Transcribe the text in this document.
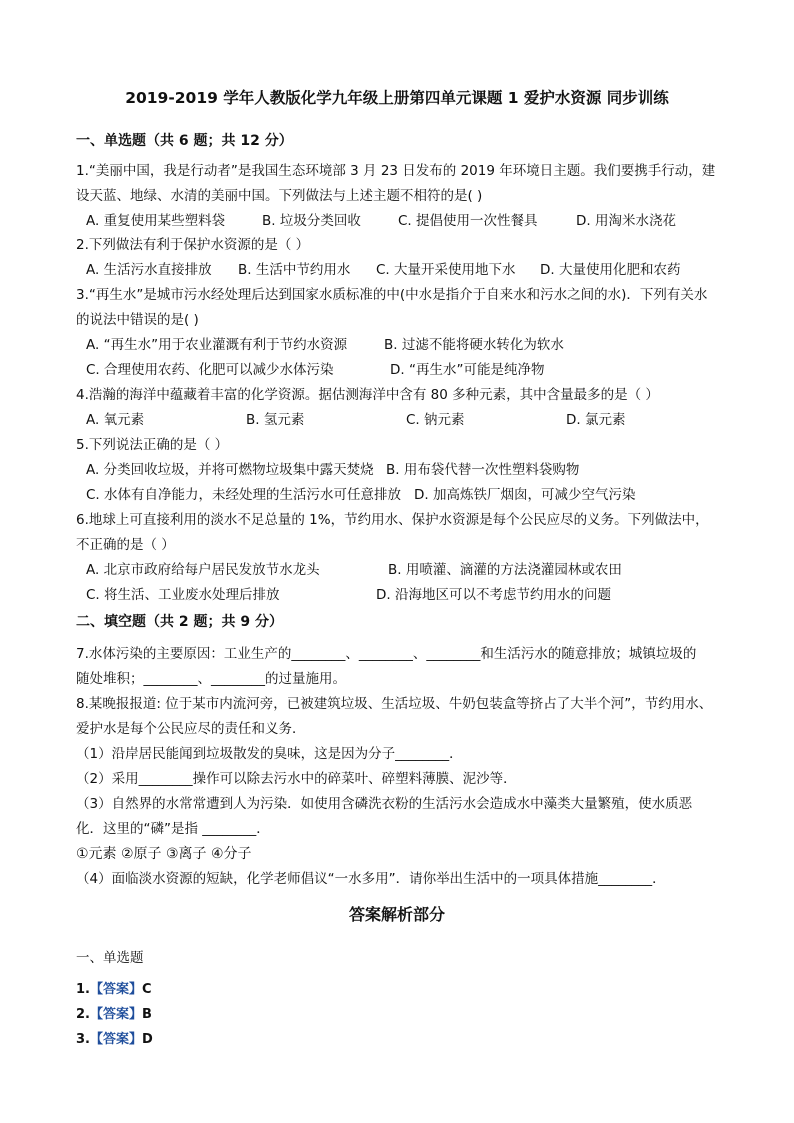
2019-2019 学年人教版化学九年级上册第四单元课题 1 爱护水资源 同步训练
一、单选题（共 6 题；共 12 分）
1.“美丽中国，我是行动者”是我国生态环境部 3 月 23 日发布的 2019 年环境日主题。我们要携手行动，建
设天蓝、地绿、水清的美丽中国。下列做法与上述主题不相符的是( )
A. 重复使用某些塑料袋	B. 垃圾分类回收	C. 提倡使用一次性餐具	D. 用淘米水浇花
2.下列做法有利于保护水资源的是（ ）
A. 生活污水直接排放 B. 生活中节约用水 C. 大量开采使用地下水 D. 大量使用化肥和农药
3.“再生水”是城市污水经处理后达到国家水质标准的中(中水是指介于自来水和污水之间的水)．下列有关水
的说法中错误的是( )
A. “再生水”用于农业灌溉有利于节约水资源	B. 过滤不能将硬水转化为软水
C. 合理使用农药、化肥可以减少水体污染	D. “再生水”可能是纯净物
4.浩瀚的海洋中蕴藏着丰富的化学资源。据估测海洋中含有 80 多种元素，其中含量最多的是（ ）
A. 氧元素	B. 氢元素	C. 钠元素	D. 氯元素
5.下列说法正确的是（ ）
A. 分类回收垃圾，并将可燃物垃圾集中露天焚烧 B. 用布袋代替一次性塑料袋购物
C. 水体有自净能力，未经处理的生活污水可任意排放 D. 加高炼铁厂烟囱，可减少空气污染
6.地球上可直接利用的淡水不足总量的 1%，节约用水、保护水资源是每个公民应尽的义务。下列做法中，
不正确的是（ ）
A. 北京市政府给每户居民发放节水龙头	B. 用喷灌、滴灌的方法浇灌园林或农田
C. 将生活、工业废水处理后排放	D. 沿海地区可以不考虑节约用水的问题
二、填空题（共 2 题；共 9 分）
7.水体污染的主要原因：工业生产的________、________、________和生活污水的随意排放；城镇垃圾的
随处堆积；________、________的过量施用。
8.某晚报报道: 位于某市内流河旁，已被建筑垃圾、生活垃圾、牛奶包装盒等挤占了大半个河”，节约用水、
爱护水是每个公民应尽的责任和义务．
（1）沿岸居民能闻到垃圾散发的臭味，这是因为分子________．
（2）采用________操作可以除去污水中的碎菜叶、碎塑料薄膜、泥沙等．
（3）自然界的水常常遭到人为污染．如使用含磷洗衣粉的生活污水会造成水中藻类大量繁殖，使水质恶
化．这里的“磷”是指 ________．
①元素 ②原子 ③离子 ④分子
（4）面临淡水资源的短缺，化学老师倡议“一水多用”．请你举出生活中的一项具体措施________．
答案解析部分
一、单选题
1.【答案】C
2.【答案】B
3.【答案】D
